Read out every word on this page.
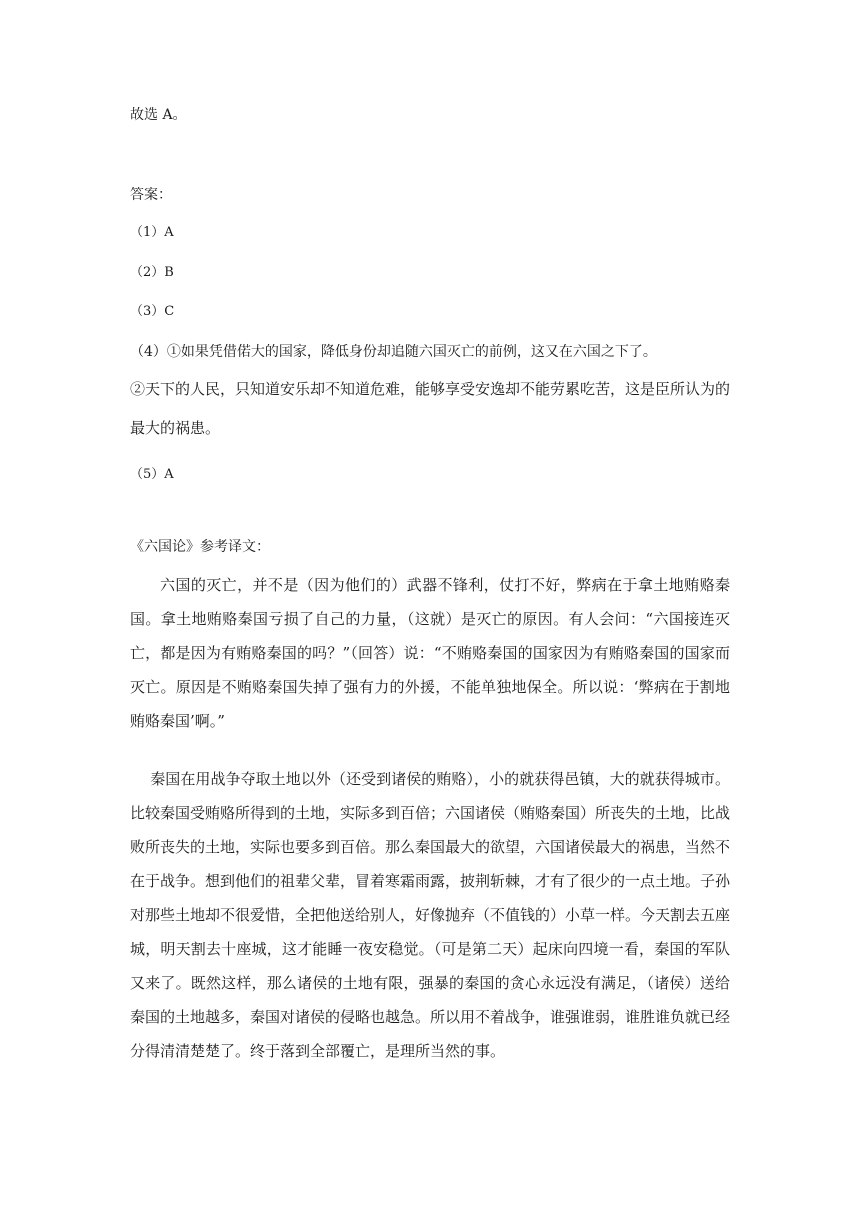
故选 A。
答案：
（1）A
（2）B
（3）C
（4）①如果凭借偌大的国家，降低身份却追随六国灭亡的前例，这又在六国之下了。
②天下的人民，只知道安乐却不知道危难，能够享受安逸却不能劳累吃苦，这是臣所认为的最大的祸患。
（5）A
《六国论》参考译文：
六国的灭亡，并不是（因为他们的）武器不锋利，仗打不好，弊病在于拿土地贿赂秦国。拿土地贿赂秦国亏损了自己的力量，（这就）是灭亡的原因。有人会问：“六国接连灭亡，都是因为有贿赂秦国的吗？”（回答）说：“不贿赂秦国的国家因为有贿赂秦国的国家而灭亡。原因是不贿赂秦国失掉了强有力的外援，不能单独地保全。所以说：‘弊病在于割地贿赂秦国’啊。”
秦国在用战争夺取土地以外（还受到诸侯的贿赂），小的就获得邑镇，大的就获得城市。比较秦国受贿赂所得到的土地，实际多到百倍；六国诸侯（贿赂秦国）所丧失的土地，比战败所丧失的土地，实际也要多到百倍。那么秦国最大的欲望，六国诸侯最大的祸患，当然不在于战争。想到他们的祖辈父辈，冒着寒霜雨露，披荆斩棘，才有了很少的一点土地。子孙对那些土地却不很爱惜，全把他送给别人，好像抛弃（不值钱的）小草一样。今天割去五座城，明天割去十座城，这才能睡一夜安稳觉。（可是第二天）起床向四境一看，秦国的军队又来了。既然这样，那么诸侯的土地有限，强暴的秦国的贪心永远没有满足，（诸侯）送给秦国的土地越多，秦国对诸侯的侵略也越急。所以用不着战争，谁强谁弱，谁胜谁负就已经分得清清楚楚了。终于落到全部覆亡，是理所当然的事。
